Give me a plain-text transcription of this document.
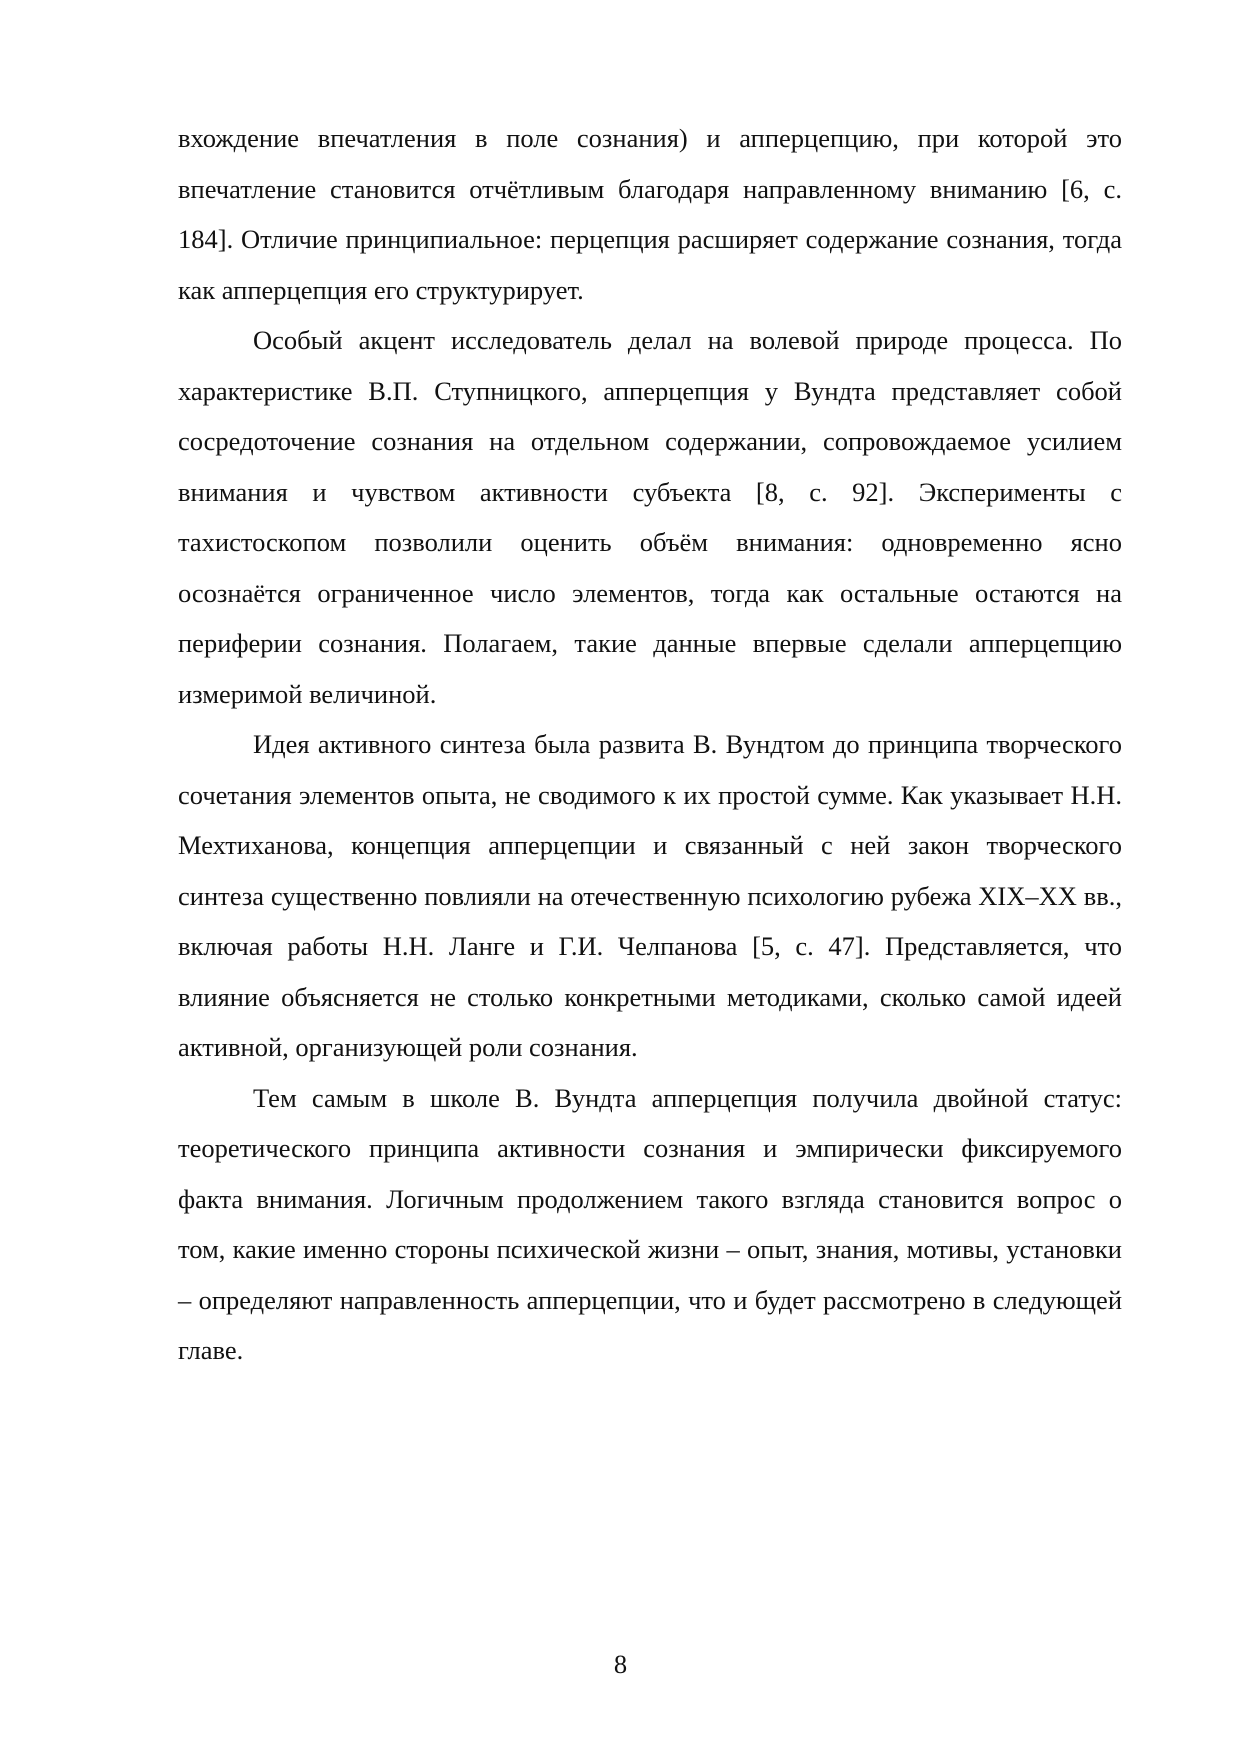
вхождение впечатления в поле сознания) и апперцепцию, при которой это впечатление становится отчётливым благодаря направленному вниманию [6, с. 184]. Отличие принципиальное: перцепция расширяет содержание сознания, тогда как апперцепция его структурирует.

Особый акцент исследователь делал на волевой природе процесса. По характеристике В.П. Ступницкого, апперцепция у Вундта представляет собой сосредоточение сознания на отдельном содержании, сопровождаемое усилием внимания и чувством активности субъекта [8, с. 92]. Эксперименты с тахистоскопом позволили оценить объём внимания: одновременно ясно осознаётся ограниченное число элементов, тогда как остальные остаются на периферии сознания. Полагаем, такие данные впервые сделали апперцепцию измеримой величиной.

Идея активного синтеза была развита В. Вундтом до принципа творческого сочетания элементов опыта, не сводимого к их простой сумме. Как указывает Н.Н. Мехтиханова, концепция апперцепции и связанный с ней закон творческого синтеза существенно повлияли на отечественную психологию рубежа XIX–XX вв., включая работы Н.Н. Ланге и Г.И. Челпанова [5, с. 47]. Представляется, что влияние объясняется не столько конкретными методиками, сколько самой идеей активной, организующей роли сознания.

Тем самым в школе В. Вундта апперцепция получила двойной статус: теоретического принципа активности сознания и эмпирически фиксируемого факта внимания. Логичным продолжением такого взгляда становится вопрос о том, какие именно стороны психической жизни – опыт, знания, мотивы, установки – определяют направленность апперцепции, что и будет рассмотрено в следующей главе.

8
